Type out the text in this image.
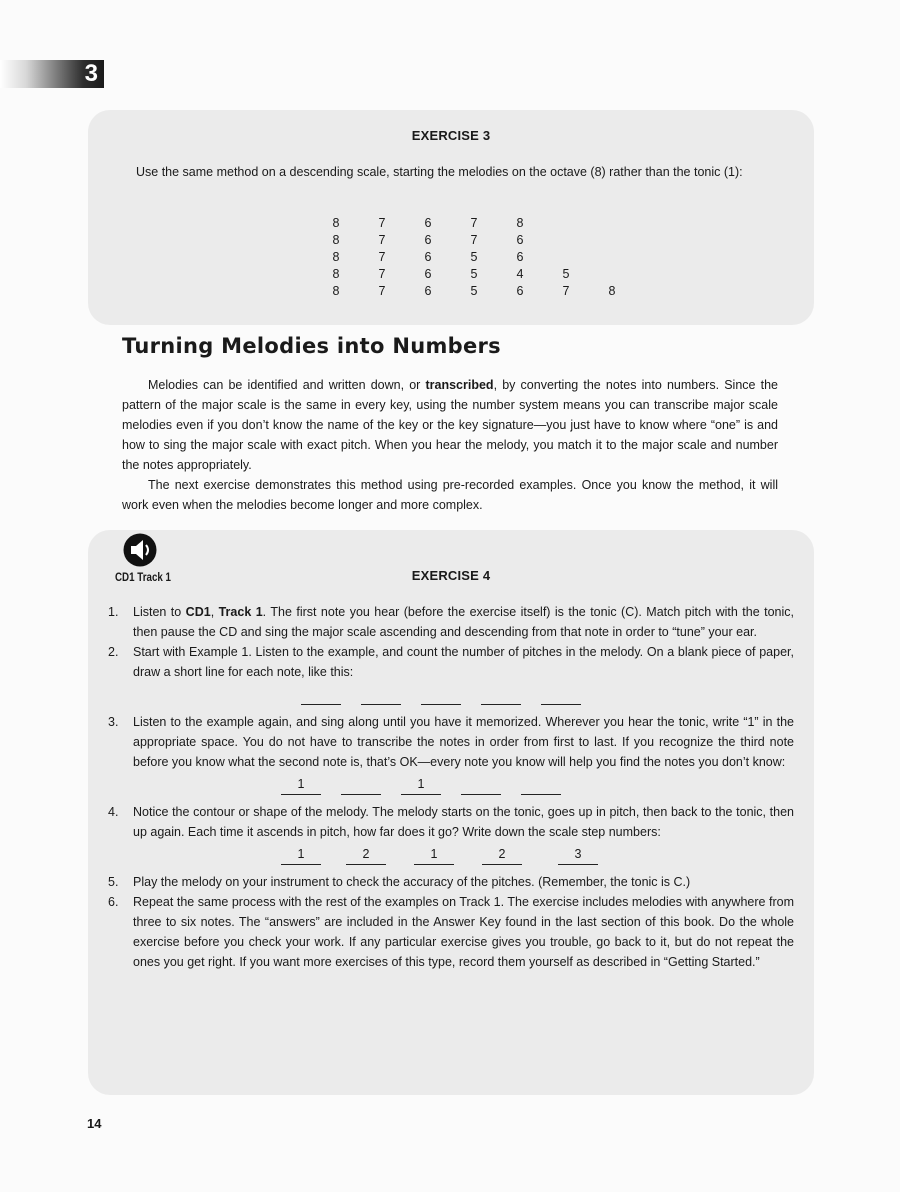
3
EXERCISE 3
Use the same method on a descending scale, starting the melodies on the octave (8) rather than the tonic (1):
8	7	6	7	8
8	7	6	7	6
8	7	6	5	6
8	7	6	5	4	5
8	7	6	5	6	7	8
Turning Melodies into Numbers

Melodies can be identified and written down, or transcribed, by converting the notes into numbers. Since the pattern of the major scale is the same in every key, using the number system means you can transcribe major scale melodies even if you don’t know the name of the key or the key signature—you just have to know where “one” is and how to sing the major scale with exact pitch. When you hear the melody, you match it to the major scale and number the notes appropriately.

The next exercise demonstrates this method using pre-recorded examples. Once you know the method, it will work even when the melodies become longer and more complex.

CD1 Track 1	EXERCISE 4
1. Listen to CD1, Track 1. The first note you hear (before the exercise itself) is the tonic (C). Match pitch with the tonic, then pause the CD and sing the major scale ascending and descending from that note in order to “tune” your ear.
2. Start with Example 1. Listen to the example, and count the number of pitches in the melody. On a blank piece of paper, draw a short line for each note, like this:
3. Listen to the example again, and sing along until you have it memorized. Wherever you hear the tonic, write “1” in the appropriate space. You do not have to transcribe the notes in order from first to last. If you recognize the third note before you know what the second note is, that’s OK—every note you know will help you find the notes you don’t know:
1	1
4. Notice the contour or shape of the melody. The melody starts on the tonic, goes up in pitch, then back to the tonic, then up again. Each time it ascends in pitch, how far does it go? Write down the scale step numbers:
1	2	1	2	3
5. Play the melody on your instrument to check the accuracy of the pitches. (Remember, the tonic is C.)
6. Repeat the same process with the rest of the examples on Track 1. The exercise includes melodies with anywhere from three to six notes. The “answers” are included in the Answer Key found in the last section of this book. Do the whole exercise before you check your work. If any particular exercise gives you trouble, go back to it, but do not repeat the ones you get right. If you want more exercises of this type, record them yourself as described in “Getting Started.”
14
